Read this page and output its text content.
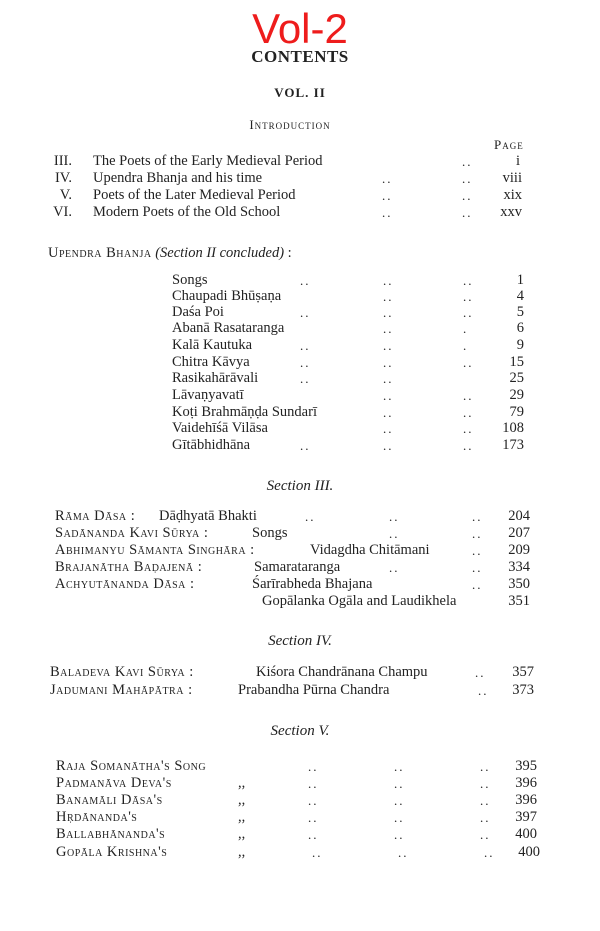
Vol-2
CONTENTS
VOL. II
Introduction
Page
III. The Poets of the Early Medieval Period	..	i
IV. Upendra Bhanja and his time	..	..	viii
V. Poets of the Later Medieval Period	..	..	xix
VI. Modern Poets of the Old School	..	..	xxv
Upendra Bhanja (Section II concluded) :
Songs	..	..	..	1
Chaupadi Bhūṣaṇa	..	..	4
Daśa Poi	..	..	..	5
Abanā Rasataranga	..	.	6
Kalā Kautuka	..	..	.	9
Chitra Kāvya	..	..	..	15
Rasikahārāvali	..	..	25
Lāvaṇyavatī	..	..	29
Koṭi Brahmāṇḍa Sundarī	..	..	79
Vaidehīśā Vilāsa	..	..	108
Gītābhidhāna	..	..	..	173
Section III.
Rāma Dāsa : Dāḍhyatā Bhakti	..	..	..	204
Sadānanda Kavi Sūrya :	Songs	..	..	207
Abhimanyu Sāmanta Singhāra :	Vidagdha Chitāmani	..	209
Brajanātha Baḍajenā :	Samarataranga	..	..	334
Achyutānanda Dāsa :	Śarīrabheda Bhajana	..	350
Gopālanka Ogāla and Laudikhela	351
Section IV.
Baladeva Kavi Sūrya :	Kiśora Chandrānana Champu	..	357
Jadumani Mahāpātra :	Prabandha Pūrna Chandra	..	373
Section V.
Raja Somanātha's Song	..	..	..	395
Padmanāva Deva's	,,	..	..	..	396
Banamāli Dāsa's	,,	..	..	..	396
Hṛdānanda's	,,	..	..	..	397
Ballabhānanda's	,,	..	..	..	400
Gopāla Krishna's	,,	..	..	..	400
